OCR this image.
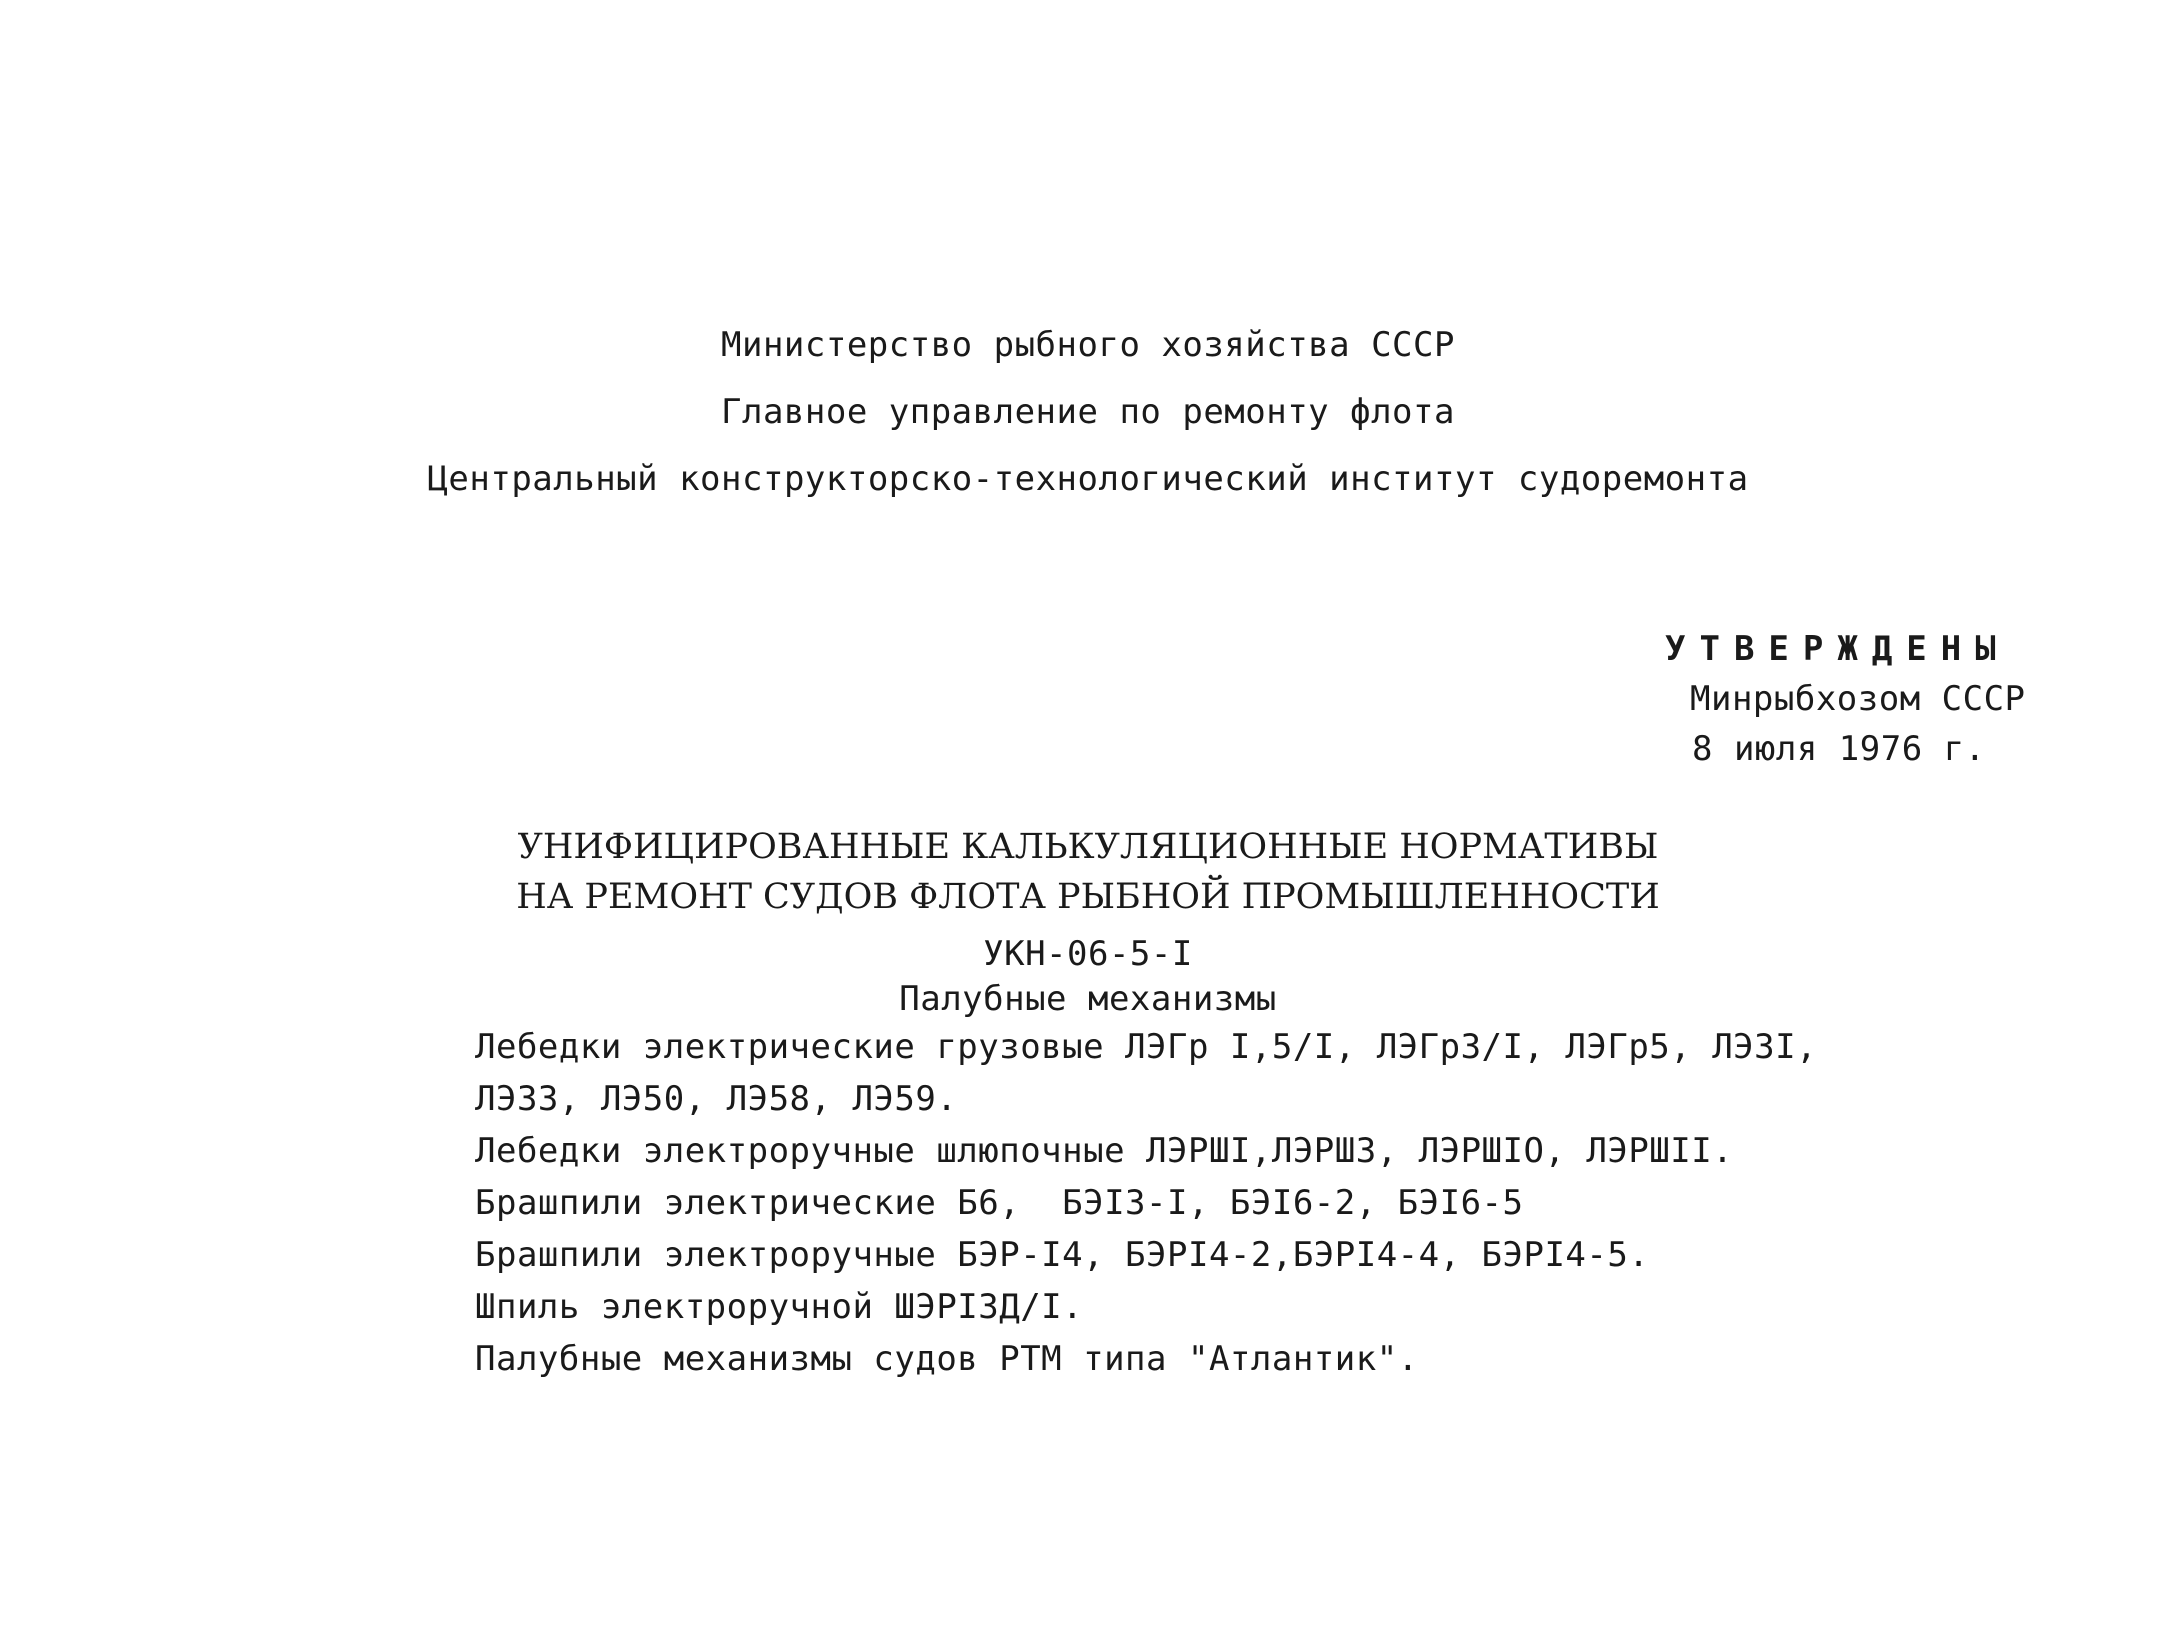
Министерство рыбного хозяйства СССР
Главное управление по ремонту флота
Центральный конструкторско-технологический институт судоремонта
УТВЕРЖДЕНЫ
Минрыбхозом СССР
8 июля 1976 г.
УНИФИЦИРОВАННЫЕ КАЛЬКУЛЯЦИОННЫЕ НОРМАТИВЫ
НА РЕМОНТ СУДОВ ФЛОТА РЫБНОЙ ПРОМЫШЛЕННОСТИ
УКН-06-5-I
Палубные механизмы
Лебедки электрические грузовые ЛЭГр I,5/I, ЛЭГр3/I, ЛЭГр5, ЛЭ3I,
ЛЭ33, ЛЭ50, ЛЭ58, ЛЭ59.
Лебедки электроручные шлюпочные ЛЭРШI,ЛЭРШ3, ЛЭРШIО, ЛЭРШII.
Брашпили электрические Б6,  БЭI3-I, БЭI6-2, БЭI6-5
Брашпили электроручные БЭР-I4, БЭРI4-2,БЭРI4-4, БЭРI4-5.
Шпиль электроручной ШЭРI3Д/I.
Палубные механизмы судов РТМ типа "Атлантик".
